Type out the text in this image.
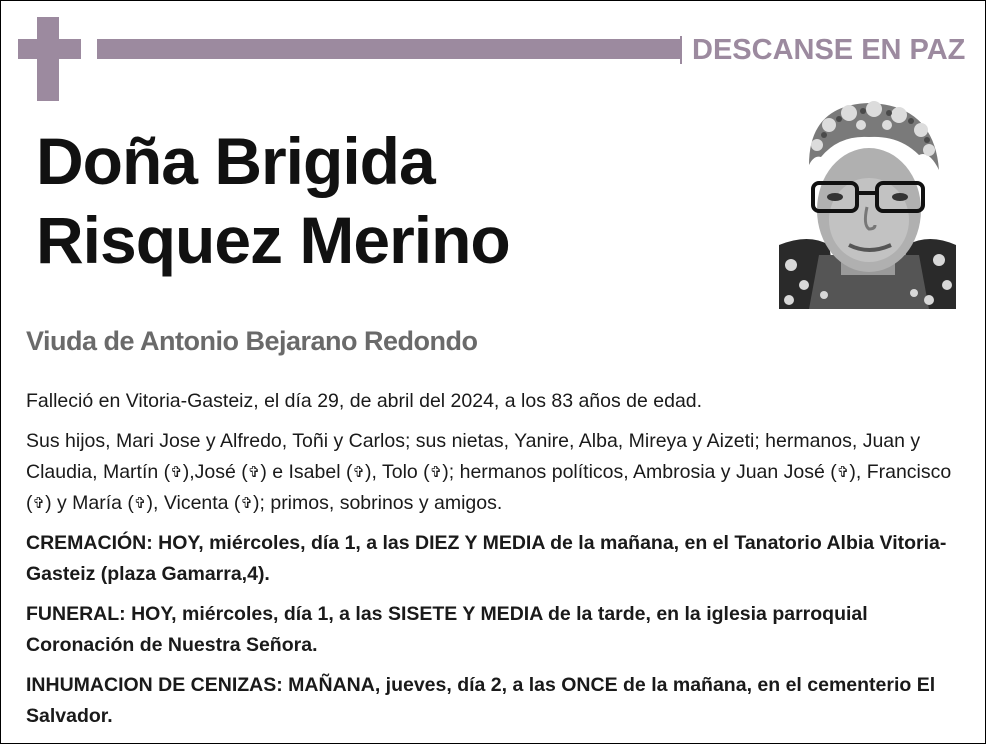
DESCANSE EN PAZ
Doña Brigida
Risquez Merino
Viuda de Antonio Bejarano Redondo

Falleció en Vitoria-Gasteiz, el día 29, de abril del 2024, a los 83 años de edad.

Sus hijos, Mari Jose y Alfredo, Toñi y Carlos; sus nietas, Yanire, Alba, Mireya y Aizeti; hermanos, Juan y Claudia, Martín (✞),José (✞) e Isabel (✞), Tolo (✞); hermanos políticos, Ambrosia y Juan José (✞), Francisco (✞) y María (✞), Vicenta (✞); primos, sobrinos y amigos.

CREMACIÓN: HOY, miércoles, día 1, a las DIEZ Y MEDIA de la mañana, en el Tanatorio Albia Vitoria-Gasteiz (plaza Gamarra,4).

FUNERAL: HOY, miércoles, día 1, a las SISETE Y MEDIA de la tarde, en la iglesia parroquial Coronación de Nuestra Señora.

INHUMACION DE CENIZAS: MAÑANA, jueves, día 2, a las ONCE de la mañana, en el cementerio El Salvador.
